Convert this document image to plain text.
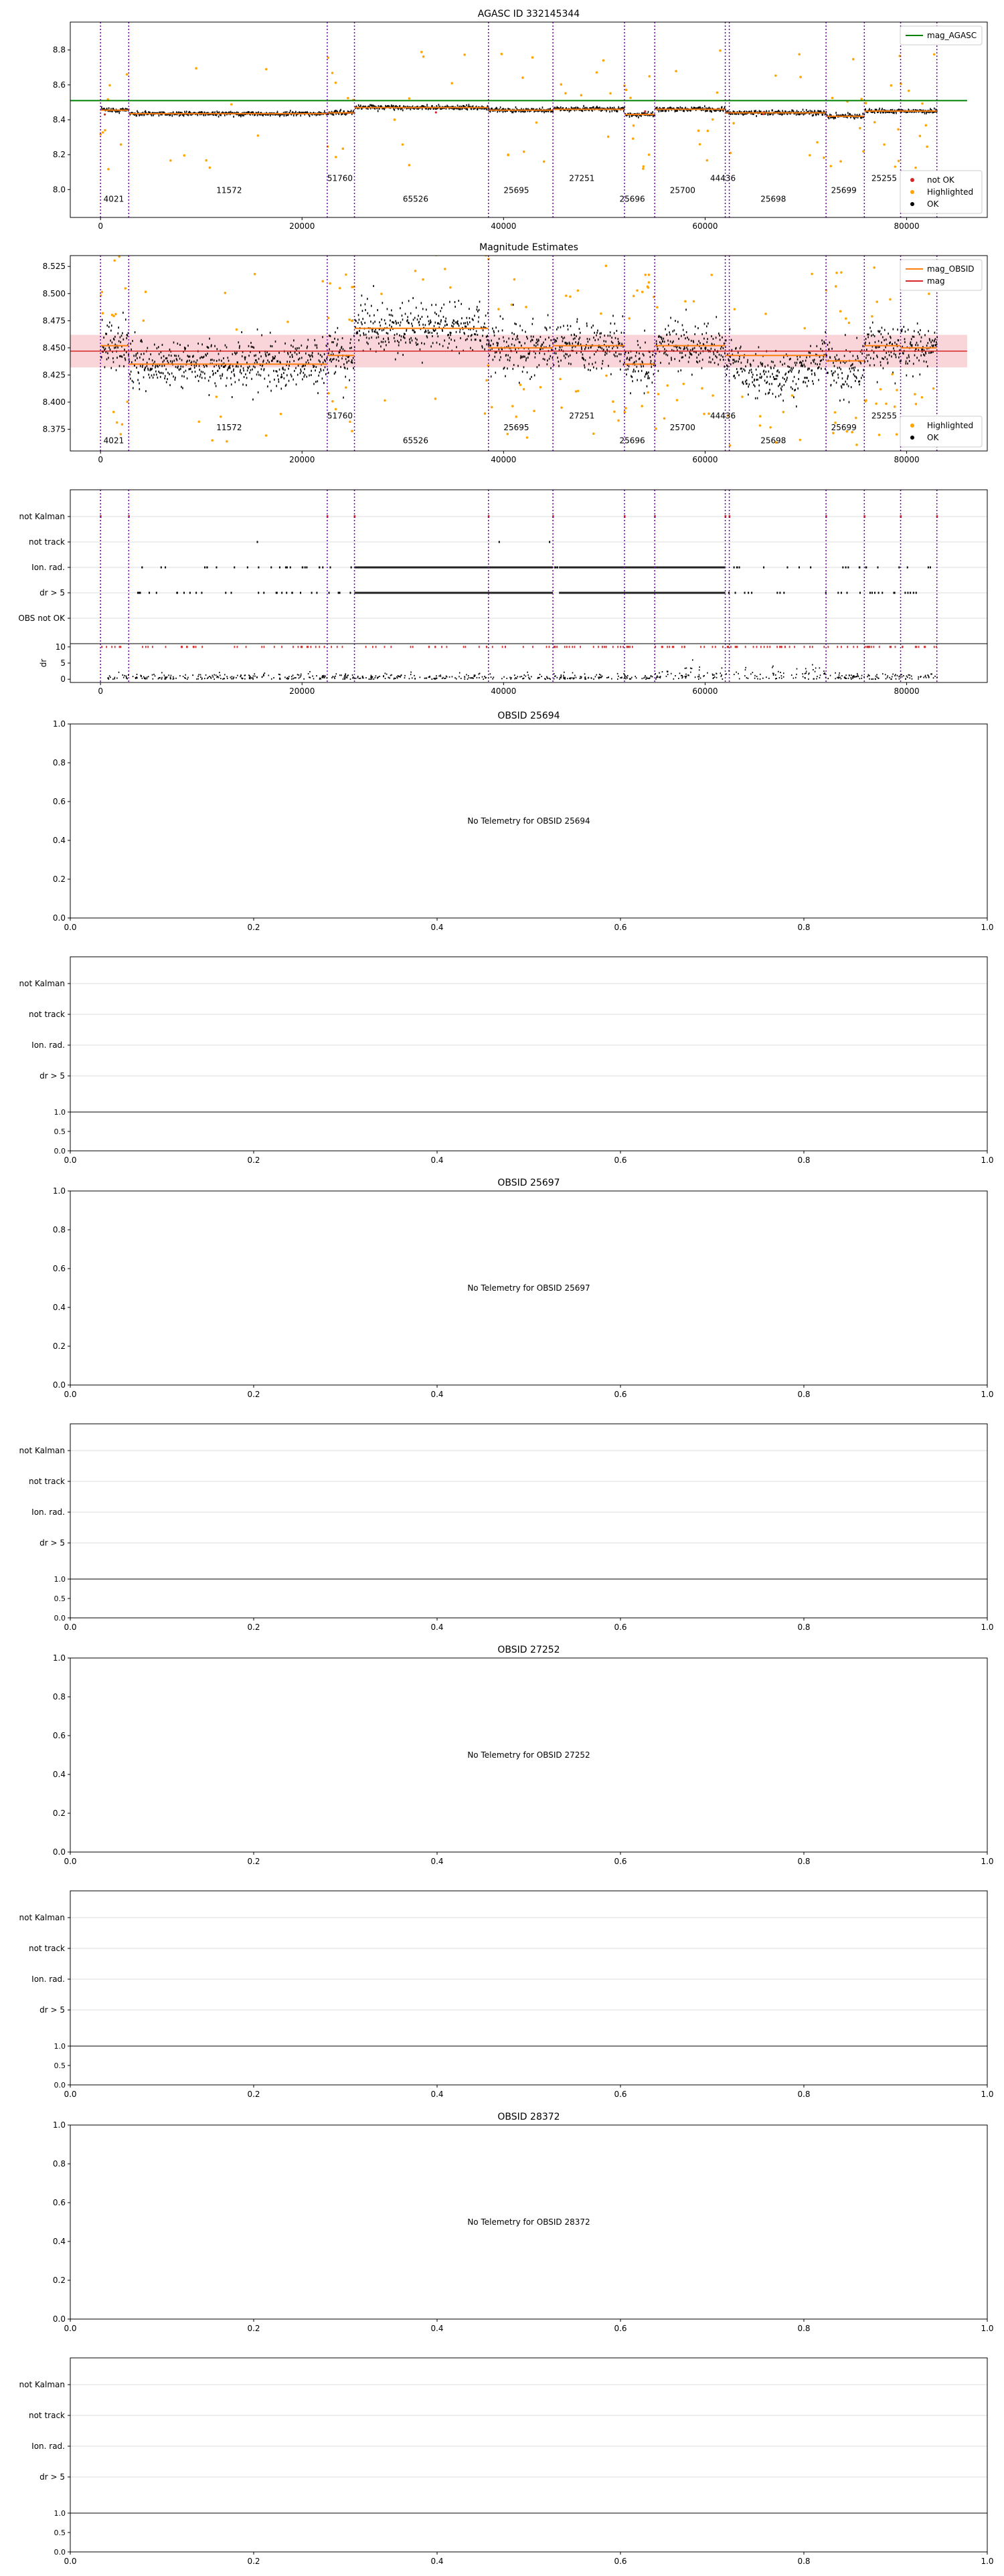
4021
11572
51760
65526
25695
27251
25696
25700
44436
25698
25699
25255
AGASC ID 332145344
8.0
8.2
8.4
8.6
8.8
0	20000	40000	60000	80000
mag_AGASC
not OK
Highlighted
OK
4021
11572
51760
65526
25695
27251
25696
25700
44436
25698
25699
25255
Magnitude Estimates
8.375
8.400
8.425
8.450
8.475
8.500
8.525
0	20000	40000	60000	80000
mag_OBSID
mag
Highlighted
OK
not Kalman
not track
Ion. rad.
dr > 5
OBS not OK
0
5
10
dr
0	20000	40000	60000	80000
OBSID 25694
No Telemetry for OBSID 25694
0.0
0.0
0.2
0.2
0.4
0.4
0.6
0.6
0.8
0.8
1.0
1.0
not Kalman
not track
Ion. rad.
dr > 5
0.0
0.5
1.0
0.0	0.2	0.4	0.6	0.8	1.0
OBSID 25697
No Telemetry for OBSID 25697
0.0
0.0
0.2
0.2
0.4
0.4
0.6
0.6
0.8
0.8
1.0
1.0
not Kalman
not track
Ion. rad.
dr > 5
0.0
0.5
1.0
0.0	0.2	0.4	0.6	0.8	1.0
OBSID 27252
No Telemetry for OBSID 27252
0.0
0.0
0.2
0.2
0.4
0.4
0.6
0.6
0.8
0.8
1.0
1.0
not Kalman
not track
Ion. rad.
dr > 5
0.0
0.5
1.0
0.0	0.2	0.4	0.6	0.8	1.0
OBSID 28372
No Telemetry for OBSID 28372
0.0
0.0
0.2
0.2
0.4
0.4
0.6
0.6
0.8
0.8
1.0
1.0
not Kalman
not track
Ion. rad.
dr > 5
0.0
0.5
1.0
0.0	0.2	0.4	0.6	0.8	1.0
